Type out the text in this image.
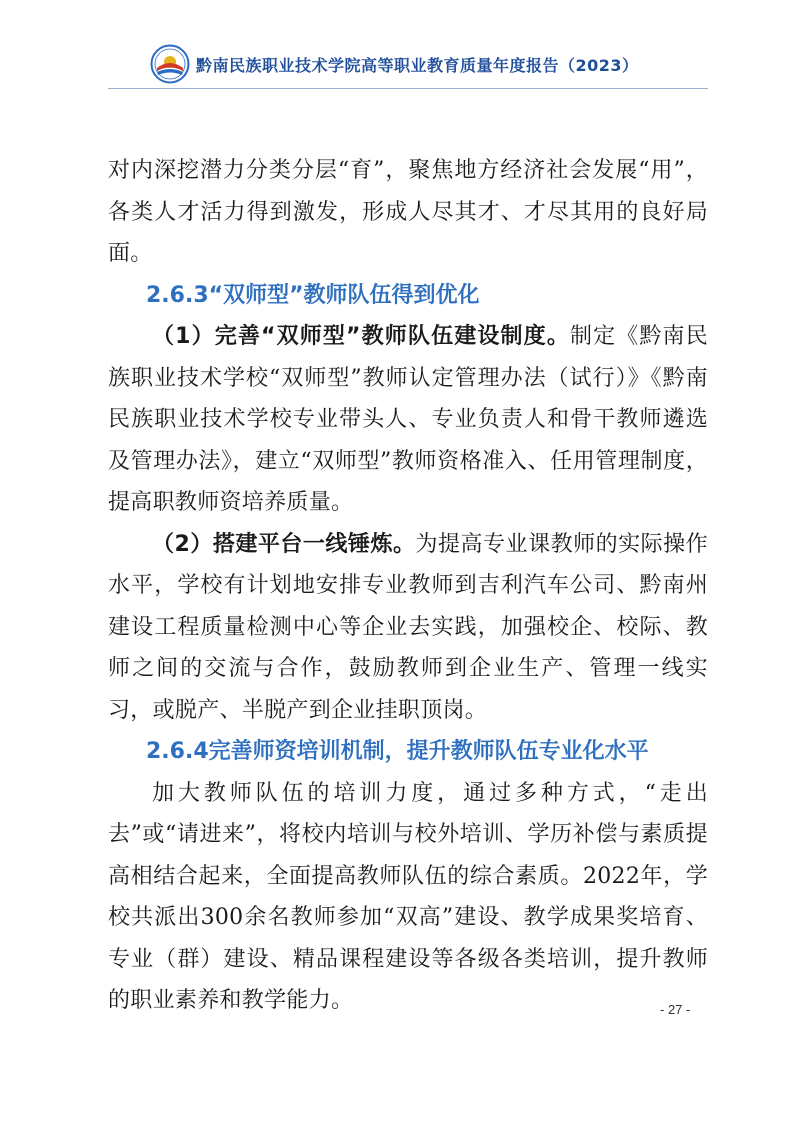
黔南民族职业技术学院高等职业教育质量年度报告（2023）

对内深挖潜力分类分层“育”，聚焦地方经济社会发展“用”，各类人才活力得到激发，形成人尽其才、才尽其用的良好局面。

2.6.3“双师型”教师队伍得到优化

（1）完善“双师型”教师队伍建设制度。制定《黔南民族职业技术学校“双师型”教师认定管理办法（试行）》《黔南民族职业技术学校专业带头人、专业负责人和骨干教师遴选及管理办法》，建立“双师型”教师资格准入、任用管理制度，提高职教师资培养质量。

（2）搭建平台一线锤炼。为提高专业课教师的实际操作水平，学校有计划地安排专业教师到吉利汽车公司、黔南州建设工程质量检测中心等企业去实践，加强校企、校际、教师之间的交流与合作，鼓励教师到企业生产、管理一线实习，或脱产、半脱产到企业挂职顶岗。

2.6.4完善师资培训机制，提升教师队伍专业化水平

加大教师队伍的培训力度，通过多种方式，“走出去”或“请进来”，将校内培训与校外培训、学历补偿与素质提高相结合起来，全面提高教师队伍的综合素质。2022年，学校共派出300余名教师参加“双高”建设、教学成果奖培育、专业（群）建设、精品课程建设等各级各类培训，提升教师的职业素养和教学能力。	- 27 -
